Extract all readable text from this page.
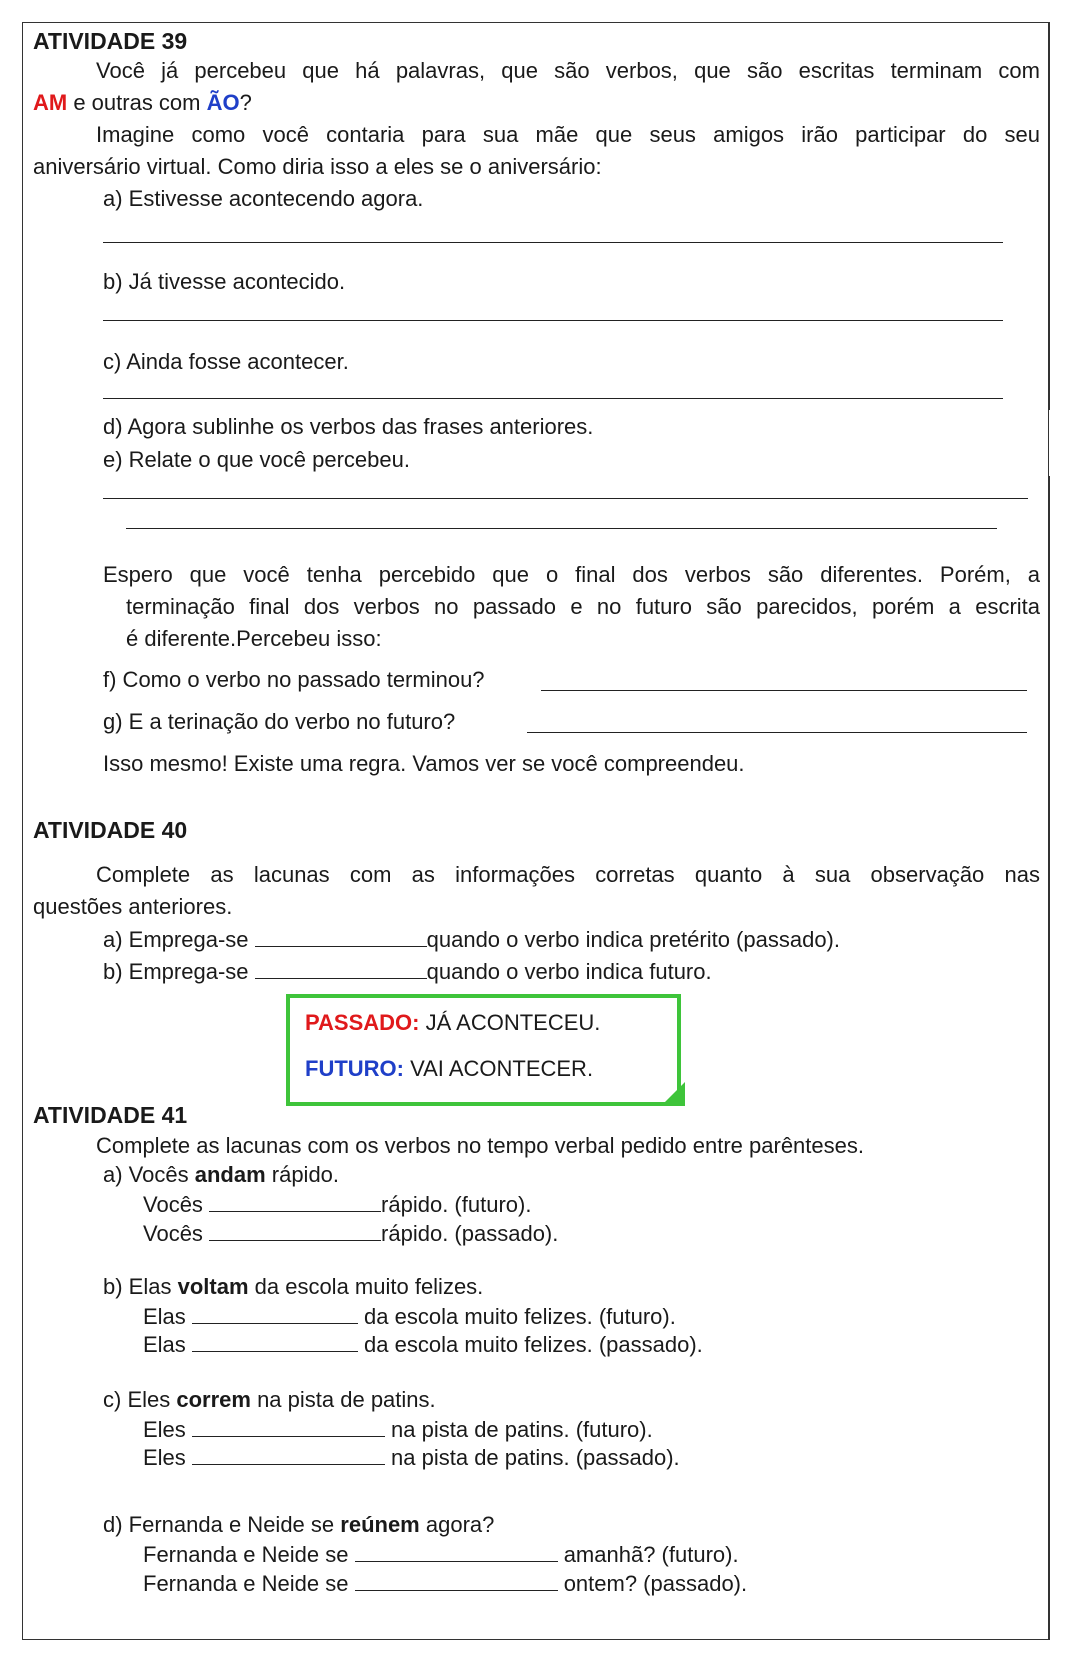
ATIVIDADE 39
Você já percebeu que há palavras, que são verbos, que são escritas terminam com
AM e outras com ÃO?
Imagine como você contaria para sua mãe que seus amigos irão participar do seu
aniversário virtual. Como diria isso a eles se o aniversário:
a) Estivesse acontecendo agora.
b) Já tivesse acontecido.
c) Ainda fosse acontecer.
d) Agora sublinhe os verbos das frases anteriores.
e) Relate o que você percebeu.
Espero que você tenha percebido que o final dos verbos são diferentes. Porém, a
terminação final dos verbos no passado e no futuro são parecidos, porém a escrita
é diferente.Percebeu isso:
f) Como o verbo no passado terminou?
g) E a terinação do verbo no futuro?
Isso mesmo! Existe uma regra. Vamos ver se você compreendeu.
ATIVIDADE 40
Complete as lacunas com as informações corretas quanto à sua observação nas
questões anteriores.
a) Emprega-se	quando o verbo indica pretérito (passado).
b) Emprega-se	quando o verbo indica futuro.
PASSADO: JÁ ACONTECEU.
FUTURO: VAI ACONTECER.
ATIVIDADE 41
Complete as lacunas com os verbos no tempo verbal pedido entre parênteses.
a) Vocês andam rápido.
Vocês	rápido. (futuro).
Vocês	rápido. (passado).
b) Elas voltam da escola muito felizes.
Elas	da escola muito felizes. (futuro).
Elas	da escola muito felizes. (passado).
c) Eles correm na pista de patins.
Eles	na pista de patins. (futuro).
Eles	na pista de patins. (passado).
d) Fernanda e Neide se reúnem agora?
Fernanda e Neide se	amanhã? (futuro).
Fernanda e Neide se	ontem? (passado).
